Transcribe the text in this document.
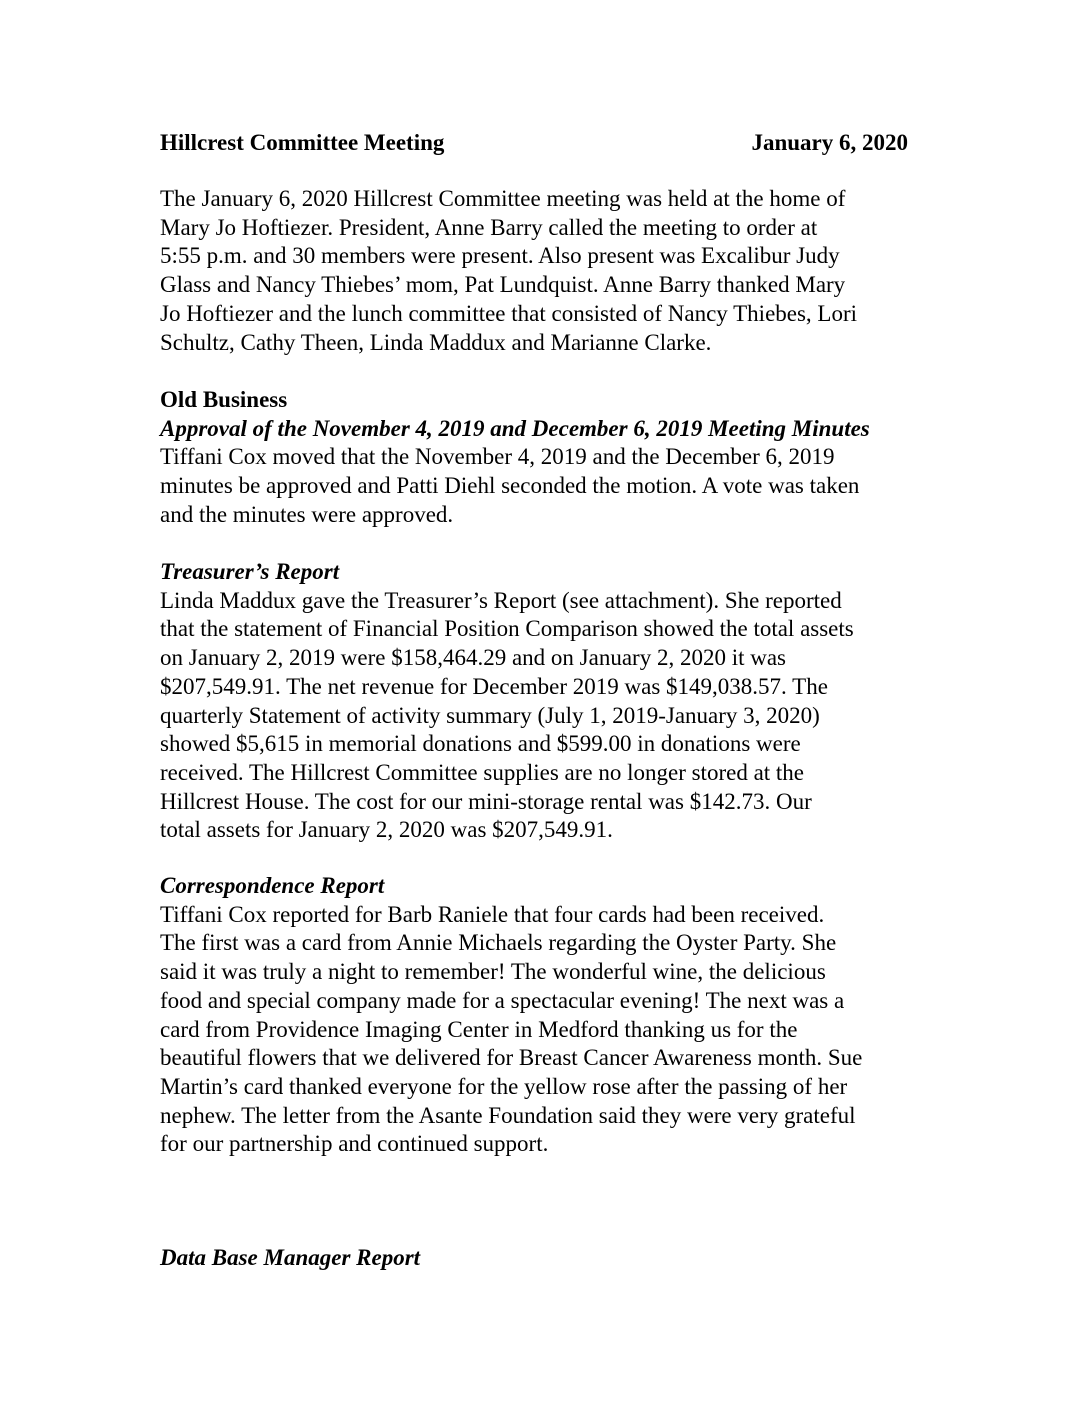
Hillcrest Committee Meeting	January 6, 2020
The January 6, 2020 Hillcrest Committee meeting was held at the home of
Mary Jo Hoftiezer. President, Anne Barry called the meeting to order at
5:55 p.m. and 30 members were present. Also present was Excalibur Judy
Glass and Nancy Thiebes’ mom, Pat Lundquist. Anne Barry thanked Mary
Jo Hoftiezer and the lunch committee that consisted of Nancy Thiebes, Lori
Schultz, Cathy Theen, Linda Maddux and Marianne Clarke.
Old Business
Approval of the November 4, 2019 and December 6, 2019 Meeting Minutes
Tiffani Cox moved that the November 4, 2019 and the December 6, 2019
minutes be approved and Patti Diehl seconded the motion. A vote was taken
and the minutes were approved.
Treasurer’s Report
Linda Maddux gave the Treasurer’s Report (see attachment). She reported
that the statement of Financial Position Comparison showed the total assets
on January 2, 2019 were $158,464.29 and on January 2, 2020 it was
$207,549.91. The net revenue for December 2019 was $149,038.57. The
quarterly Statement of activity summary (July 1, 2019-January 3, 2020)
showed $5,615 in memorial donations and $599.00 in donations were
received. The Hillcrest Committee supplies are no longer stored at the
Hillcrest House. The cost for our mini-storage rental was $142.73. Our
total assets for January 2, 2020 was $207,549.91.
Correspondence Report
Tiffani Cox reported for Barb Raniele that four cards had been received.
The first was a card from Annie Michaels regarding the Oyster Party. She
said it was truly a night to remember! The wonderful wine, the delicious
food and special company made for a spectacular evening! The next was a
card from Providence Imaging Center in Medford thanking us for the
beautiful flowers that we delivered for Breast Cancer Awareness month. Sue
Martin’s card thanked everyone for the yellow rose after the passing of her
nephew. The letter from the Asante Foundation said they were very grateful
for our partnership and continued support.
Data Base Manager Report
